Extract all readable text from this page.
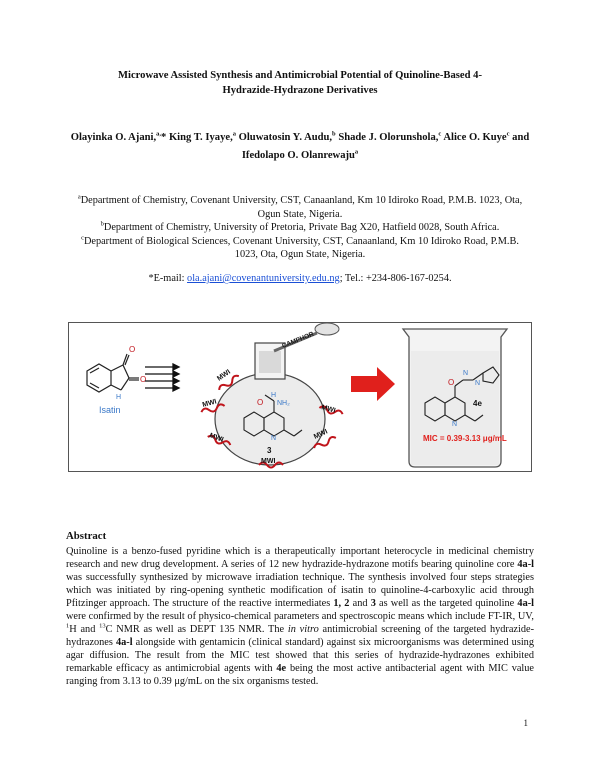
Microwave Assisted Synthesis and Antimicrobial Potential of Quinoline-Based 4-
Hydrazide-Hydrazone Derivatives
Olayinka O. Ajani,$^{a,}$* King T. Iyaye,$^a$ Oluwatosin Y. Audu,$^b$ Shade J. Olorunshola,$^c$ Alice O. Kuye$^c$ and Ifedolapo O. Olanrewaju$^a$

$^a$Department of Chemistry, Covenant University, CST, Canaanland, Km 10 Idiroko Road, P.M.B. 1023, Ota, Ogun State, Nigeria.

$^b$Department of Chemistry, University of Pretoria, Private Bag X20, Hatfield 0028, South Africa.

$^c$Department of Biological Sciences, Covenant University, CST, Canaanland, Km 10 Idiroko Road, P.M.B. 1023, Ota, Ogun State, Nigeria.

*E-mail: ola.ajani@covenantuniversity.edu.ng; Tel.: +234-806-167-0254.
O
O
H
Isatin
CAMPHOR
H
O NH₂
N
3
MWI
MWI
MWI
MWI
MWI
MWI
O
N
N
N
4e
MIC = 0.39-3.13 μg/mL
Abstract
Quinoline is a benzo-fused pyridine which is a therapeutically important heterocycle in medicinal chemistry research and new drug development. A series of 12 new hydrazide-hydrazone motifs bearing quinoline core 4a-l was successfully synthesized by microwave irradiation technique. The synthesis involved four steps strategies which was initiated by ring-opening synthetic modification of isatin to quinoline-4-carboxylic acid through Pfitzinger approach. The structure of the reactive intermediates 1, 2 and 3 as well as the targeted quinoline 4a-l were confirmed by the result of physico-chemical parameters and spectroscopic means which include FT-IR, UV, $^1$H and $^{13}$C NMR as well as DEPT 135 NMR. The in vitro antimicrobial screening of the targeted hydrazide-hydrazones 4a-l alongside with gentamicin (clinical standard) against six microorganisms was determined using agar diffusion. The result from the MIC test showed that this series of hydrazide-hydrazones exhibited remarkable efficacy as antimicrobial agents with 4e being the most active antibacterial agent with MIC value ranging from 3.13 to 0.39 μg/mL on the six organisms tested.
1
